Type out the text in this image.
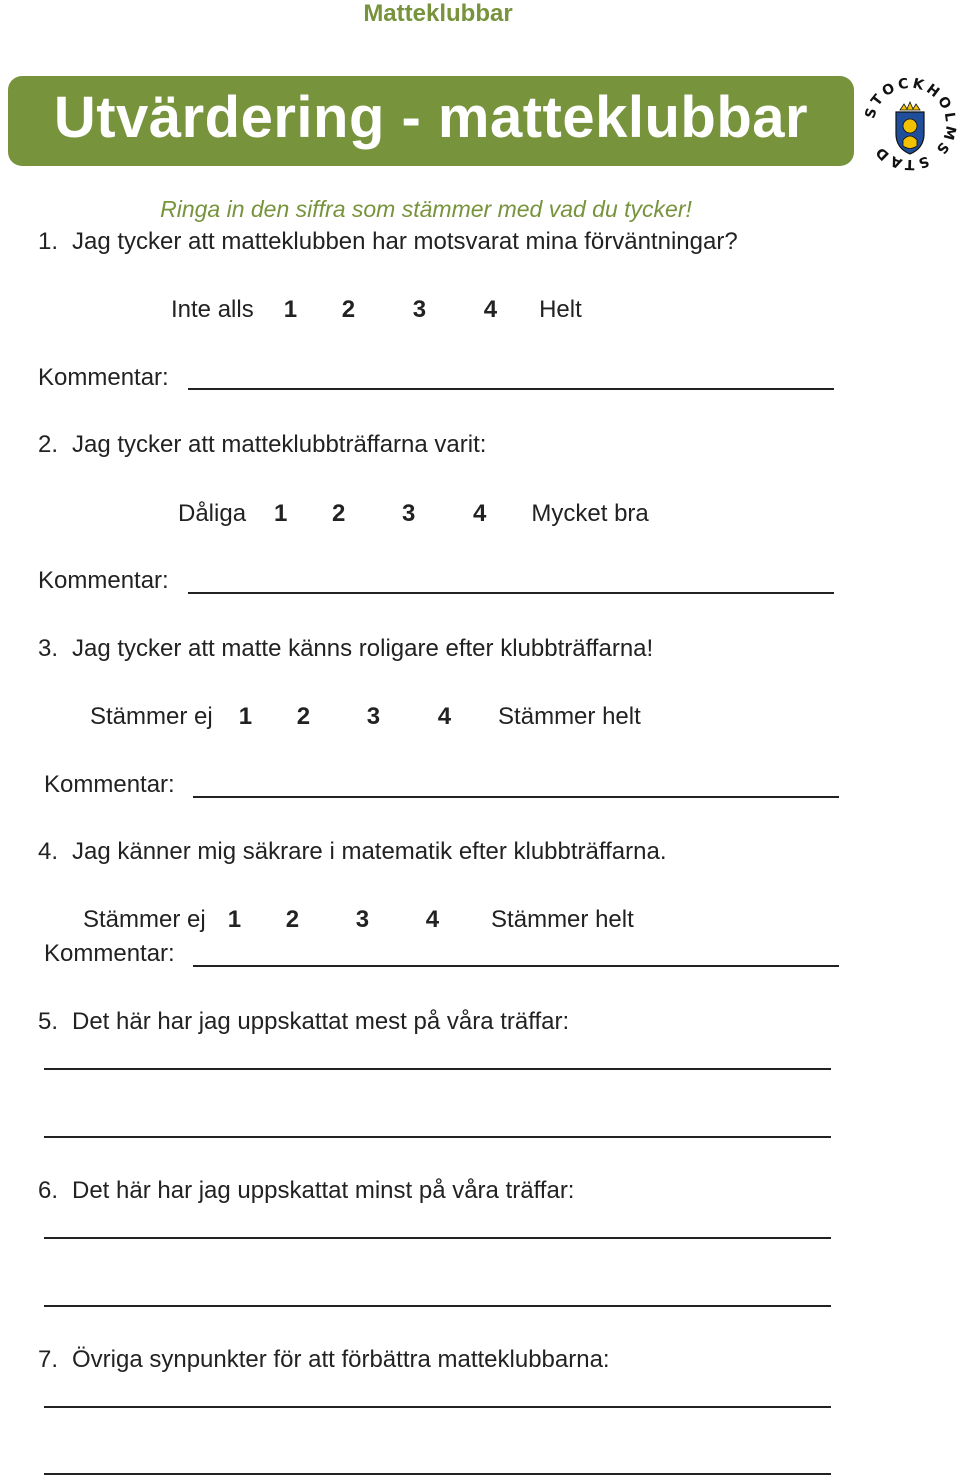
Matteklubbar
Utvärdering - matteklubbar	STOCKHOLMS STAD
Ringa in den siffra som stämmer med vad du tycker!
1. Jag tycker att matteklubben har motsvarat mina förväntningar?
Inte alls 1 2 3 4 Helt
Kommentar:
2. Jag tycker att matteklubbträffarna varit:
Dåliga 1 2 3 4 Mycket bra
Kommentar:
3. Jag tycker att matte känns roligare efter klubbträffarna!
Stämmer ej 1 2 3 4 Stämmer helt
Kommentar:
4. Jag känner mig säkrare i matematik efter klubbträffarna.
Stämmer ej 1 2 3 4 Stämmer helt
Kommentar:
5. Det här har jag uppskattat mest på våra träffar:
6. Det här har jag uppskattat minst på våra träffar:
7. Övriga synpunkter för att förbättra matteklubbarna:
